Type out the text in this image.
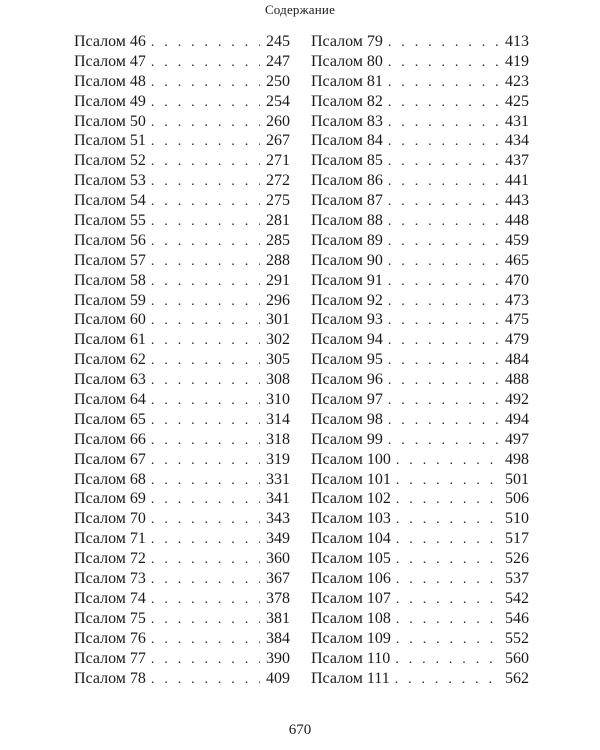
Содержание
Псалом 46 . . .	245
Псалом 47 . . .	247
Псалом 48 . . .	250
Псалом 49 . . .	254
Псалом 50 . . .	260
Псалом 51 . . .	267
Псалом 52 . . .	271
Псалом 53 . . .	272
Псалом 54 . . .	275
Псалом 55 . . .	281
Псалом 56 . . .	285
Псалом 57 . . .	288
Псалом 58 . . .	291
Псалом 59 . . .	296
Псалом 60 . . .	301
Псалом 61 . . .	302
Псалом 62 . . .	305
Псалом 63 . . .	308
Псалом 64 . . .	310
Псалом 65 . . .	314
Псалом 66 . . .	318
Псалом 67 . . .	319
Псалом 68 . . .	331
Псалом 69 . . .	341
Псалом 70 . . .	343
Псалом 71 . . .	349
Псалом 72 . . .	360
Псалом 73 . . .	367
Псалом 74 . . .	378
Псалом 75 . . .	381
Псалом 76 . . .	384
Псалом 77 . . .	390
Псалом 78 . . .	409
Псалом 79 . . .	413
Псалом 80 . . .	419
Псалом 81 . . .	423
Псалом 82 . . .	425
Псалом 83 . . .	431
Псалом 84 . . .	434
Псалом 85 . . .	437
Псалом 86 . . .	441
Псалом 87 . . .	443
Псалом 88 . . .	448
Псалом 89 . . .	459
Псалом 90 . . .	465
Псалом 91 . . .	470
Псалом 92 . . .	473
Псалом 93 . . .	475
Псалом 94 . . .	479
Псалом 95 . . .	484
Псалом 96 . . .	488
Псалом 97 . . .	492
Псалом 98 . . .	494
Псалом 99 . . .	497
Псалом 100 . . .	498
Псалом 101 . . .	501
Псалом 102 . . .	506
Псалом 103 . . .	510
Псалом 104 . . .	517
Псалом 105 . . .	526
Псалом 106 . . .	537
Псалом 107 . . .	542
Псалом 108 . . .	546
Псалом 109 . . .	552
Псалом 110 . . .	560
Псалом 111 . . .	562
670
